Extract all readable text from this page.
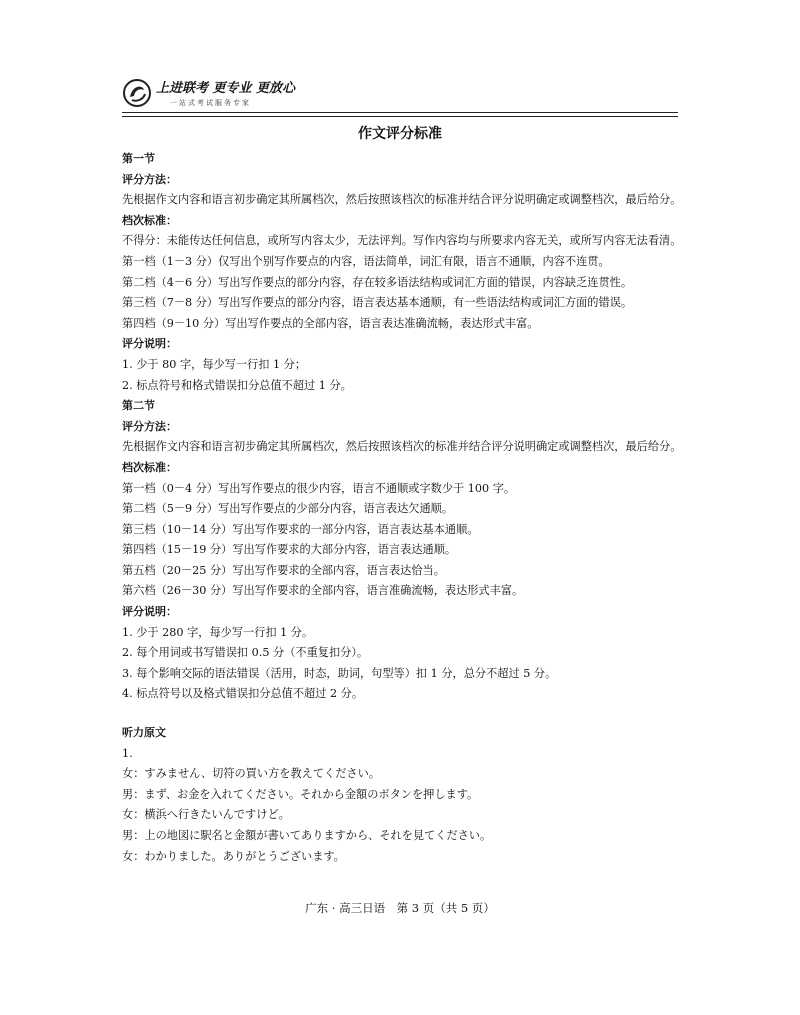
上进联考 更专业 更放心
一站式考试服务专家
作文评分标准
第一节
评分方法：
先根据作文内容和语言初步确定其所属档次，然后按照该档次的标准并结合评分说明确定或调整档次，最后给分。
档次标准：
不得分：未能传达任何信息，或所写内容太少，无法评判。写作内容均与所要求内容无关，或所写内容无法看清。
第一档（1－3 分）仅写出个别写作要点的内容，语法简单，词汇有限，语言不通顺，内容不连贯。
第二档（4－6 分）写出写作要点的部分内容，存在较多语法结构或词汇方面的错误，内容缺乏连贯性。
第三档（7－8 分）写出写作要点的部分内容，语言表达基本通顺，有一些语法结构或词汇方面的错误。
第四档（9－10 分）写出写作要点的全部内容，语言表达准确流畅，表达形式丰富。
评分说明：
1. 少于 80 字，每少写一行扣 1 分；
2. 标点符号和格式错误扣分总值不超过 1 分。
第二节
评分方法：
先根据作文内容和语言初步确定其所属档次，然后按照该档次的标准并结合评分说明确定或调整档次，最后给分。
档次标准：
第一档（0－4 分）写出写作要点的很少内容，语言不通顺或字数少于 100 字。
第二档（5－9 分）写出写作要点的少部分内容，语言表达欠通顺。
第三档（10－14 分）写出写作要求的一部分内容，语言表达基本通顺。
第四档（15－19 分）写出写作要求的大部分内容，语言表达通顺。
第五档（20－25 分）写出写作要求的全部内容，语言表达恰当。
第六档（26－30 分）写出写作要求的全部内容，语言准确流畅，表达形式丰富。
评分说明：
1. 少于 280 字，每少写一行扣 1 分。
2. 每个用词或书写错误扣 0.5 分（不重复扣分）。
3. 每个影响交际的语法错误（活用，时态，助词，句型等）扣 1 分，总分不超过 5 分。
4. 标点符号以及格式错误扣分总值不超过 2 分。
听力原文
1.
女：すみません、切符の買い方を教えてください。
男：まず、お金を入れてください。それから金額のボタンを押します。
女：横浜へ行きたいんですけど。
男：上の地図に駅名と金額が書いてありますから、それを見てください。
女：わかりました。ありがとうございます。
广东 · 高三日语　第 3 页（共 5 页）
